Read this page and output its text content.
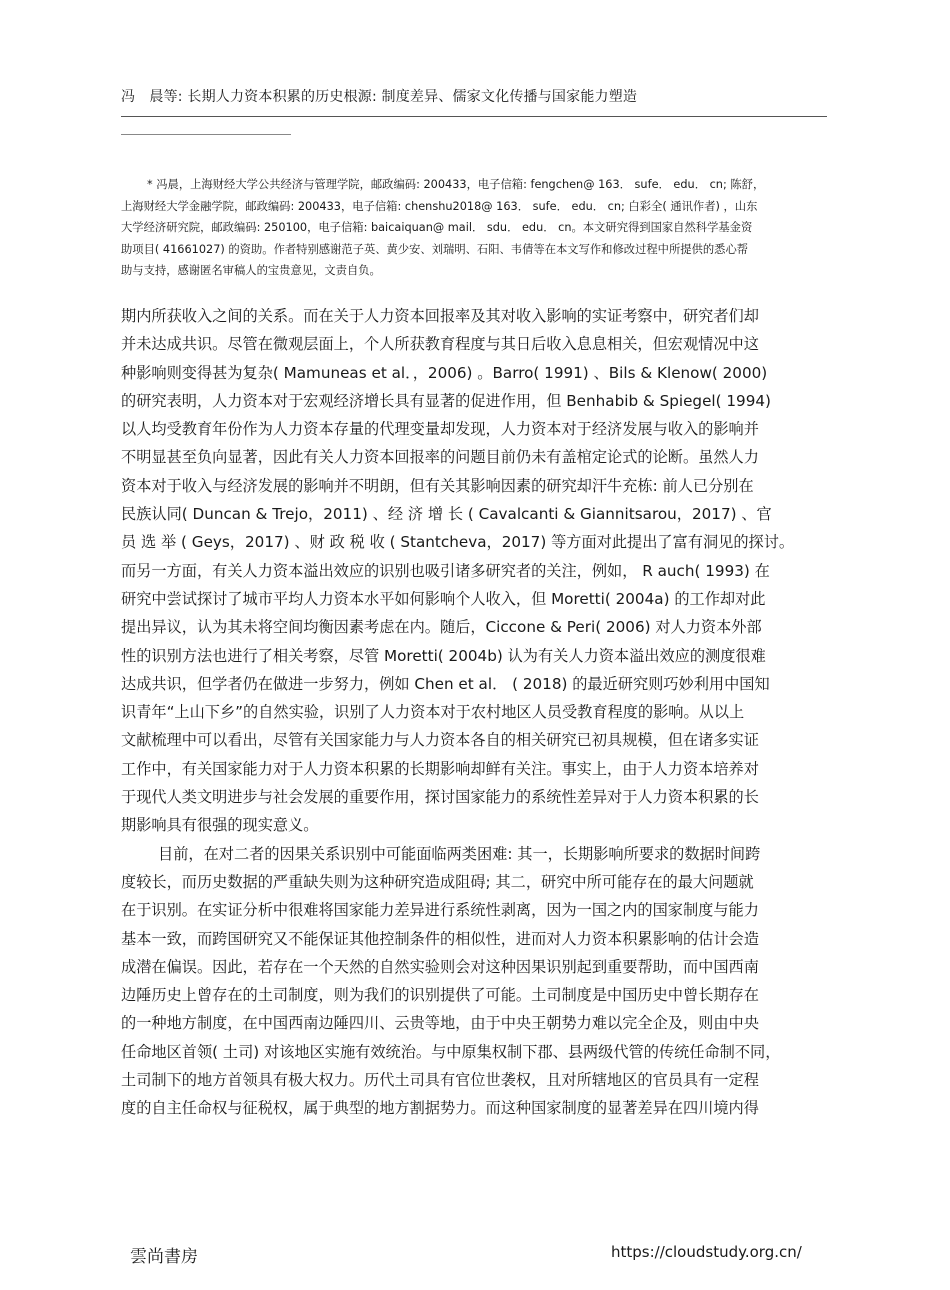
冯　晨等: 长期人力资本积累的历史根源: 制度差异、儒家文化传播与国家能力塑造
* 冯晨，上海财经大学公共经济与管理学院，邮政编码: 200433，电子信箱: fengchen@ 163． sufe． edu． cn; 陈舒，
上海财经大学金融学院，邮政编码: 200433，电子信箱: chenshu2018@ 163． sufe． edu． cn; 白彩全( 通讯作者) ，山东
大学经济研究院，邮政编码: 250100，电子信箱: baicaiquan@ mail． sdu． edu． cn。本文研究得到国家自然科学基金资
助项目( 41661027) 的资助。作者特别感谢范子英、黄少安、刘瑞明、石阳、韦倩等在本文写作和修改过程中所提供的悉心帮
助与支持，感谢匿名审稿人的宝贵意见，文责自负。
期内所获收入之间的关系。而在关于人力资本回报率及其对收入影响的实证考察中，研究者们却
并未达成共识。尽管在微观层面上，个人所获教育程度与其日后收入息息相关，但宏观情况中这
种影响则变得甚为复杂( Mamuneas et al．，2006) 。Barro( 1991) 、Bils & Klenow( 2000)
的研究表明，人力资本对于宏观经济增长具有显著的促进作用，但 Benhabib & Spiegel( 1994)
以人均受教育年份作为人力资本存量的代理变量却发现，人力资本对于经济发展与收入的影响并
不明显甚至负向显著，因此有关人力资本回报率的问题目前仍未有盖棺定论式的论断。虽然人力
资本对于收入与经济发展的影响并不明朗，但有关其影响因素的研究却汗牛充栋: 前人已分别在
民族认同( Duncan & Trejo，2011) 、经 济 增 长 ( Cavalcanti & Giannitsarou，2017) 、官
员 选 举 ( Geys，2017) 、财 政 税 收 ( Stantcheva，2017) 等方面对此提出了富有洞见的探讨。
而另一方面，有关人力资本溢出效应的识别也吸引诸多研究者的关注，例如， R auch( 1993) 在
研究中尝试探讨了城市平均人力资本水平如何影响个人收入，但 Moretti( 2004a) 的工作却对此
提出异议，认为其未将空间均衡因素考虑在内。随后，Ciccone & Peri( 2006) 对人力资本外部
性的识别方法也进行了相关考察，尽管 Moretti( 2004b) 认为有关人力资本溢出效应的测度很难
达成共识，但学者仍在做进一步努力，例如 Chen et al． ( 2018) 的最近研究则巧妙利用中国知
识青年“上山下乡”的自然实验，识别了人力资本对于农村地区人员受教育程度的影响。从以上
文献梳理中可以看出，尽管有关国家能力与人力资本各自的相关研究已初具规模，但在诸多实证
工作中，有关国家能力对于人力资本积累的长期影响却鲜有关注。事实上，由于人力资本培养对
于现代人类文明进步与社会发展的重要作用，探讨国家能力的系统性差异对于人力资本积累的长
期影响具有很强的现实意义。
目前，在对二者的因果关系识别中可能面临两类困难: 其一，长期影响所要求的数据时间跨
度较长，而历史数据的严重缺失则为这种研究造成阻碍; 其二，研究中所可能存在的最大问题就
在于识别。在实证分析中很难将国家能力差异进行系统性剥离，因为一国之内的国家制度与能力
基本一致，而跨国研究又不能保证其他控制条件的相似性，进而对人力资本积累影响的估计会造
成潜在偏误。因此，若存在一个天然的自然实验则会对这种因果识别起到重要帮助，而中国西南
边陲历史上曾存在的土司制度，则为我们的识别提供了可能。土司制度是中国历史中曾长期存在
的一种地方制度，在中国西南边陲四川、云贵等地，由于中央王朝势力难以完全企及，则由中央
任命地区首领( 土司) 对该地区实施有效统治。与中原集权制下郡、县两级代管的传统任命制不同，
土司制下的地方首领具有极大权力。历代土司具有官位世袭权，且对所辖地区的官员具有一定程
度的自主任命权与征税权，属于典型的地方割据势力。而这种国家制度的显著差异在四川境内得
雲尚書房	https://cloudstudy.org.cn/
